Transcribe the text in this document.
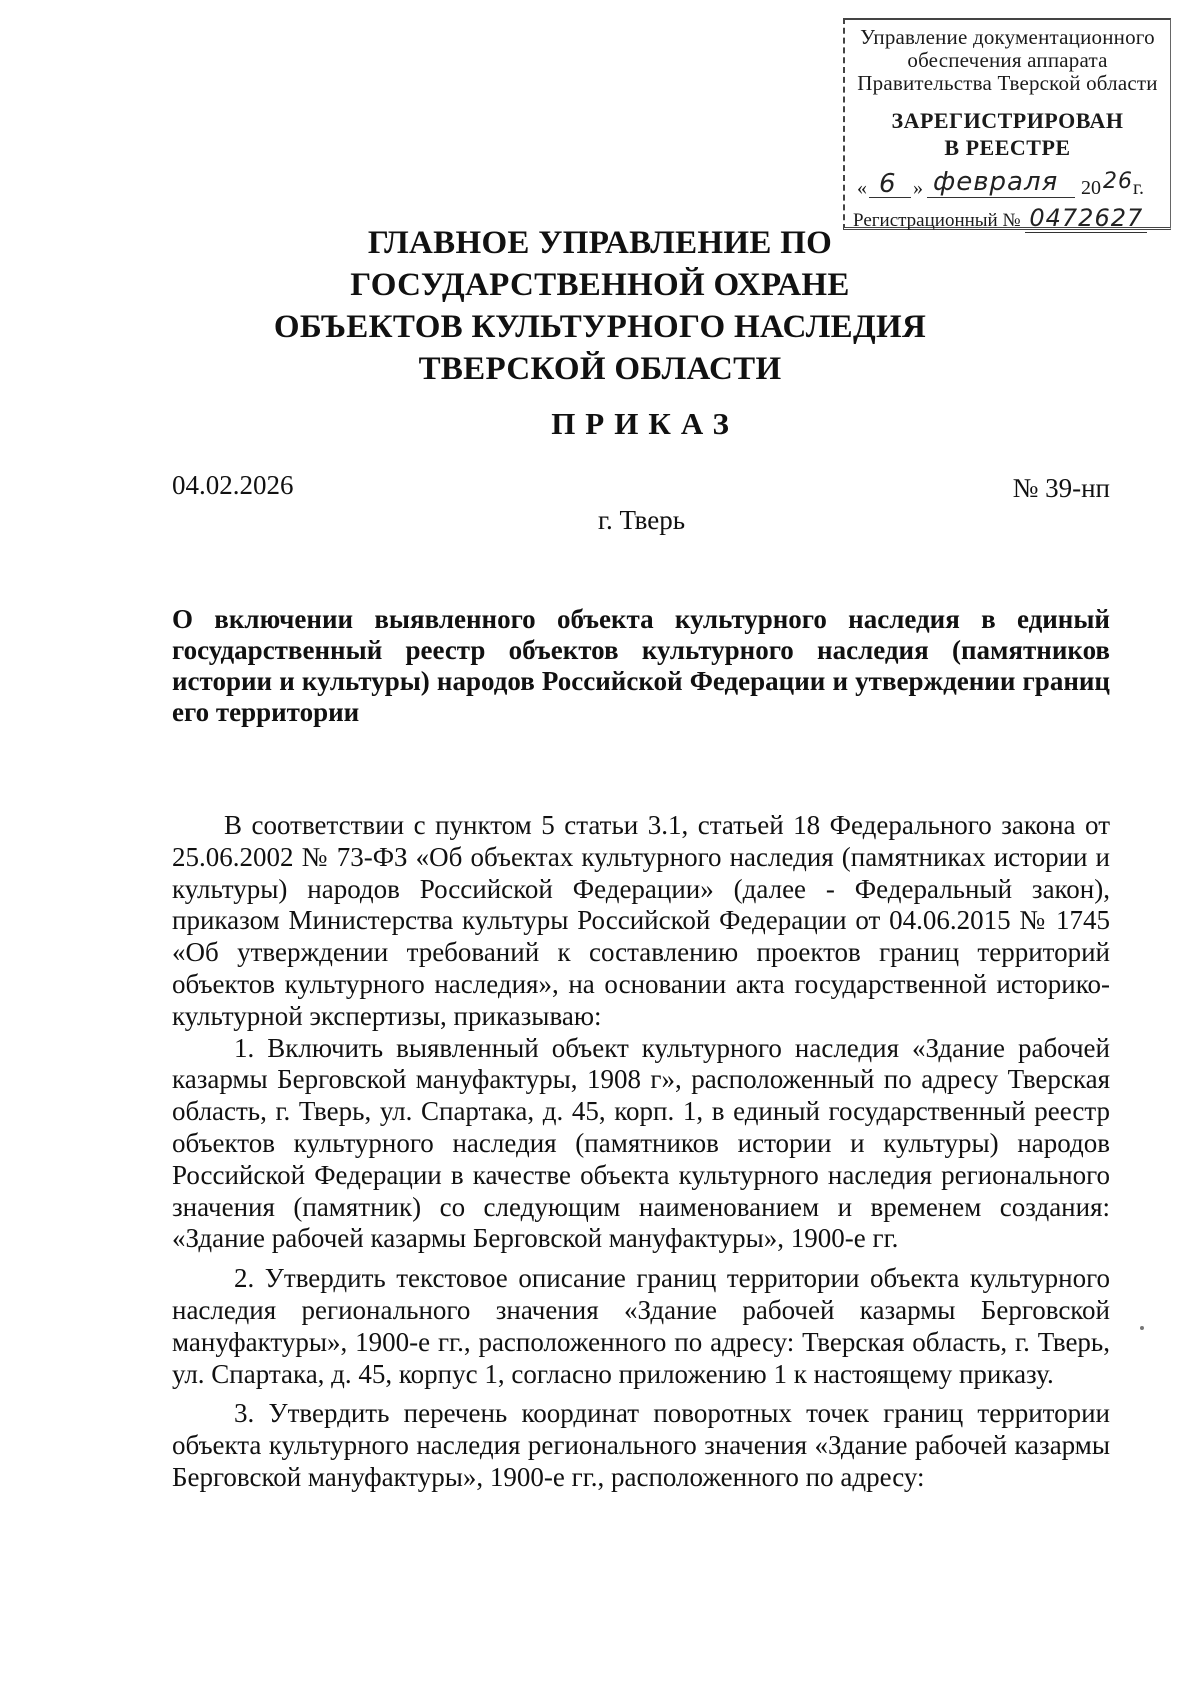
Управление документационного
обеспечения аппарата
Правительства Тверской области
ЗАРЕГИСТРИРОВАН
В РЕЕСТРЕ
« 6 » февраля 20 26 г.
Регистрационный № 0472627
ГЛАВНОЕ УПРАВЛЕНИЕ ПО
ГОСУДАРСТВЕННОЙ ОХРАНЕ
ОБЪЕКТОВ КУЛЬТУРНОГО НАСЛЕДИЯ
ТВЕРСКОЙ ОБЛАСТИ
ПРИКАЗ
04.02.2026	№ 39-нп
г. Тверь
О включении выявленного объекта культурного наследия в единый государственный реестр объектов культурного наследия (памятников истории и культуры) народов Российской Федерации и утверждении границ его территории

В соответствии с пунктом 5 статьи 3.1, статьей 18 Федерального закона от 25.06.2002 № 73-ФЗ «Об объектах культурного наследия (памятниках истории и культуры) народов Российской Федерации» (далее - Федеральный закон), приказом Министерства культуры Российской Федерации от 04.06.2015 № 1745 «Об утверждении требований к составлению проектов границ территорий объектов культурного наследия», на основании акта государственной историко-культурной экспертизы, приказываю:

1. Включить выявленный объект культурного наследия «Здание рабочей казармы Берговской мануфактуры, 1908 г», расположенный по адресу Тверская область, г. Тверь, ул. Спартака, д. 45, корп. 1, в единый государственный реестр объектов культурного наследия (памятников истории и культуры) народов Российской Федерации в качестве объекта культурного наследия регионального значения (памятник) со следующим наименованием и временем создания: «Здание рабочей казармы Берговской мануфактуры», 1900-е гг.

2. Утвердить текстовое описание границ территории объекта культурного наследия регионального значения «Здание рабочей казармы Берговской мануфактуры», 1900-е гг., расположенного по адресу: Тверская область, г. Тверь, ул. Спартака, д. 45, корпус 1, согласно приложению 1 к настоящему приказу.

3. Утвердить перечень координат поворотных точек границ территории объекта культурного наследия регионального значения «Здание рабочей казармы Берговской мануфактуры», 1900-е гг., расположенного по адресу:
